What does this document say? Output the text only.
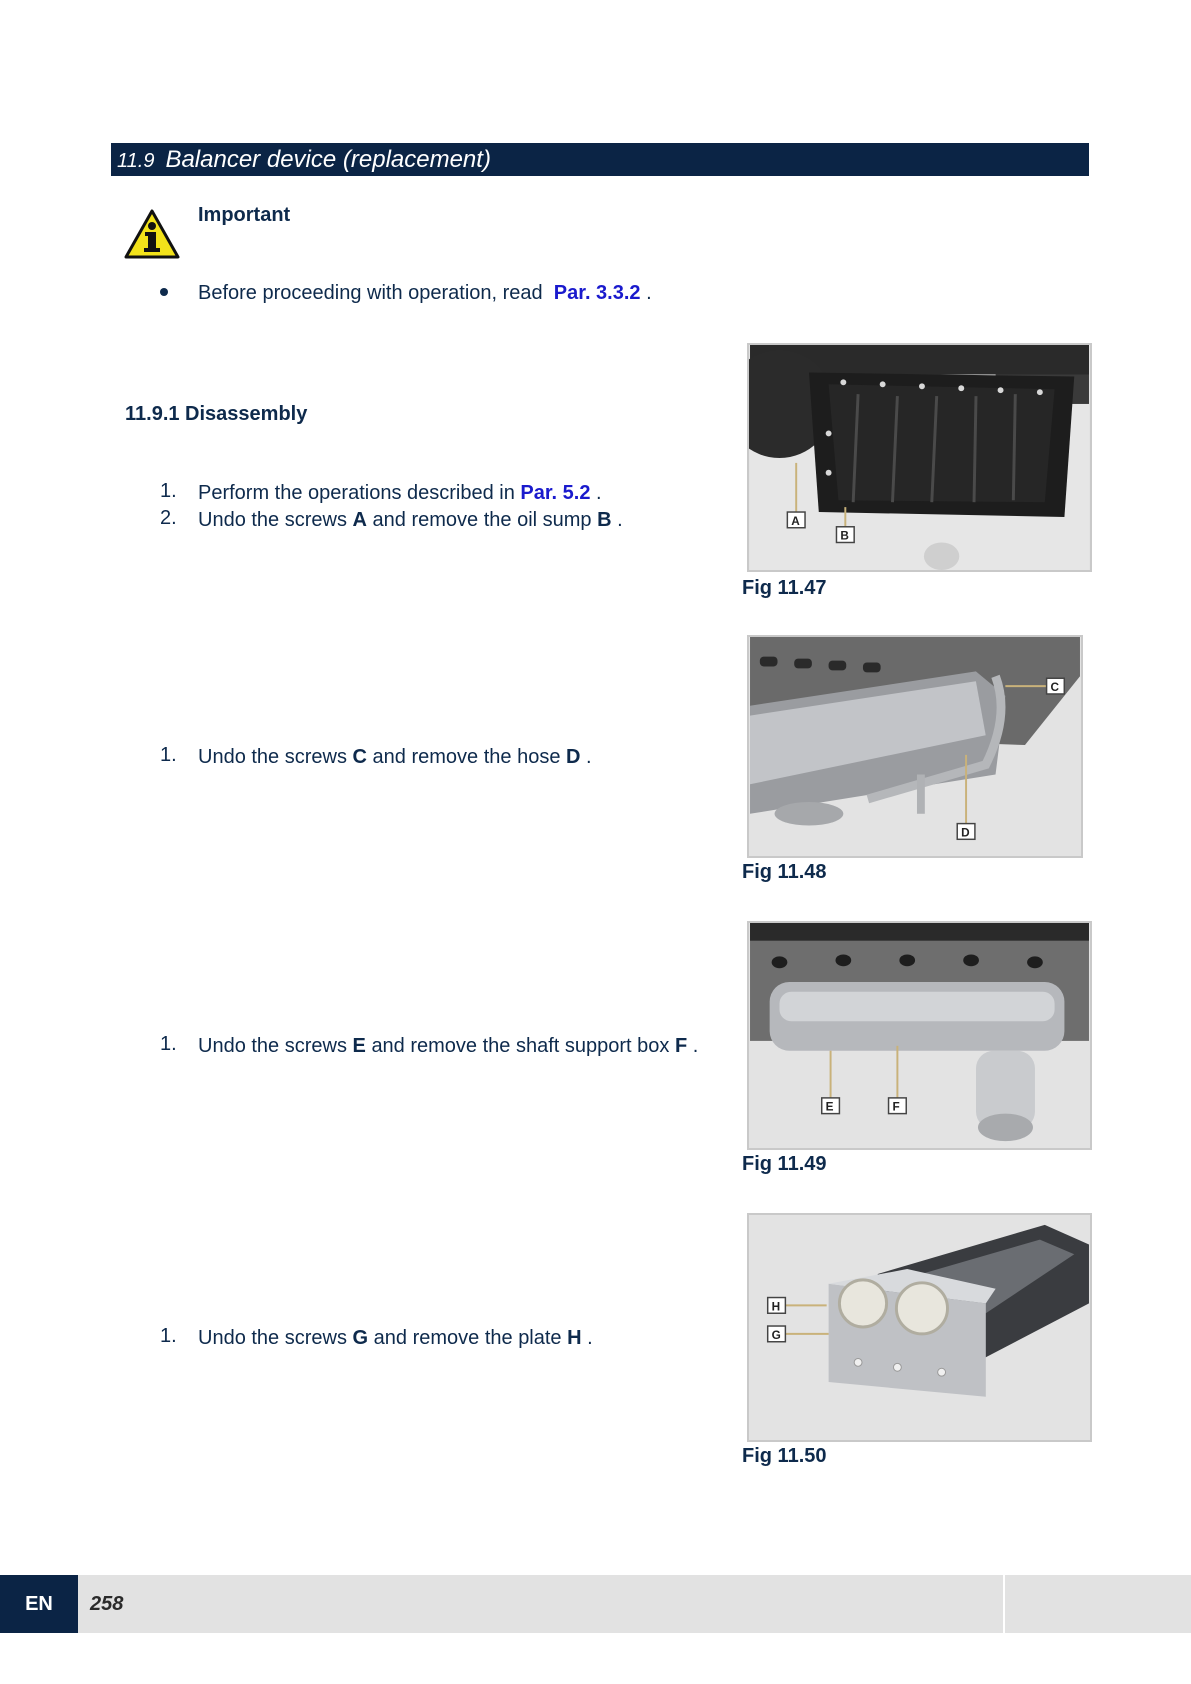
11.9 Balancer device (replacement)
Important
Before proceeding with operation, read Par. 3.3.2 .
11.9.1 Disassembly
1. Perform the operations described in Par. 5.2 .
2. Undo the screws A and remove the oil sump B .
1. Undo the screws C and remove the hose D .
1. Undo the screws E and remove the shaft support box F .
1. Undo the screws G and remove the plate H .
A
B
Fig 11.47
C
D
Fig 11.48
E	F
Fig 11.49
H
G
Fig 11.50
EN	258
